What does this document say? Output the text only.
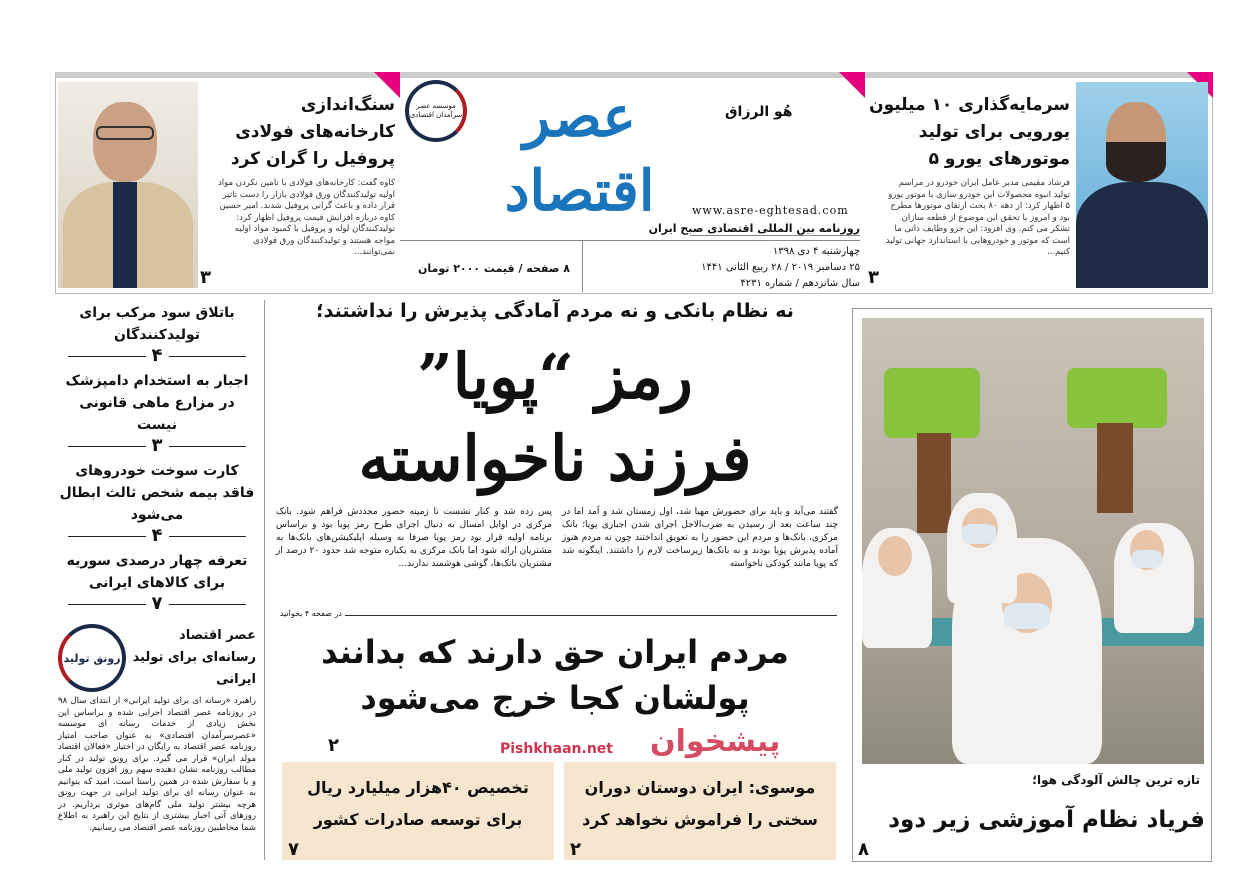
سنگ‌اندازی
کارخانه‌های فولادی
پروفیل را گران کرد
کاوه گفت: کارخانه‌های فولادی با تامین نکردن مواد اولیه تولیدکنندگان ورق فولادی بازار را دست تاثیر قرار داده و باعث گرانی پروفیل شدند. امیر حسین کاوه درباره افزایش قیمت پروفیل اظهار کرد: تولیدکنندگان لوله و پروفیل با کمبود مواد اولیه مواجه هستند و تولیدکنندگان ورق فولادی نمی‌توانند...
۳
موسسه عصر سرآمدان اقتصادی	عصر اقتصاد
هُو الرزاق
www.asre-eghtesad.com
روزنامه بین المللی اقتصادی صبح ایران
چهارشنبه ۴ دی ۱۳۹۸
۲۵ دسامبر ۲۰۱۹ / ۲۸ ربیع الثانی ۱۴۴۱
سال شانزدهم / شماره ۴۲۳۱
۸ صفحه / قیمت ۲۰۰۰ تومان
سرمایه‌گذاری ۱۰ میلیون
یورویی برای تولید
موتورهای یورو ۵
فرشاد مقیمی مدیر عامل ایران خودرو در مراسم تولید انبوه محصولات این خودرو سازی با موتور یورو ۵ اظهار کرد: از دهه ۸۰ بحث ارتقای موتورها مطرح بود و امروز با تحقق این موضوع از قطعه سازان تشکر می کنم. وی افزود: این جزو وظایف ذاتی ما است که موتور و خودروهایی با استاندارد جهانی تولید کنیم...
۳
باتلاق سود مرکب برای تولیدکنندگان
۴
اجبار به استخدام دامپزشک در مزارع ماهی قانونی نیست
۳
کارت سوخت خودروهای فاقد بیمه شخص ثالث ابطال می‌شود
۴
تعرفه چهار درصدی سوریه برای کالاهای ایرانی
۷
رونق تولید
عصر اقتصاد رسانه‌ای برای تولید ایرانی
راهبرد «رسانه ای برای تولید ایرانی» از ابتدای سال ۹۸ در روزنامه عصر اقتصاد اجرایی شده و براساس این بخش زیادی از خدمات رسانه ای موسسه «عصرسرآمدان اقتصادی» به عنوان صاحب امتیاز روزنامه عصر اقتصاد به رایگان در اختیار «فعالان اقتصاد مولد ایران» قرار می گیرد. برای رونق تولید در کنار مطالب روزنامه نشان دهنده سهم روز افزون تولید ملی و با سفارش شده در همین راستا است. امید که بتوانیم به عنوان رسانه ای برای تولید ایرانی در جهت رونق هرچه بیشتر تولید ملی گام‌های موثری برداریم. در روزهای آتی اخبار بیشتری از نتایج این راهبرد به اطلاع شما مخاطبین روزنامه عصر اقتصاد می رسانیم.
نه نظام بانکی و نه مردم آمادگی پذیرش را نداشتند؛
رمز “پویا”
فرزند ناخواسته
گفتند می‌آید و باید برای حضورش مهیا شد، اول زمستان شد و آمد اما در چند ساعت بعد از رسیدن به ضرب‌الاجل اجرای شدن اجباری پویا؛ بانک مرکزی، بانک‌ها و مردم این حضور را به تعویق انداختند چون نه مردم هنوز آماده پذیرش پویا بودند و نه بانک‌ها زیرساخت لازم را داشتند. اینگونه شد که پویا مانند کودکی ناخواسته
پس زده شد و کنار نشست تا زمینه حضور مجددش فراهم شود. بانک مرکزی در اوایل امسال به دنبال اجرای طرح رمز پویا بود و براساس برنامه اولیه قرار بود رمز پویا صرفا به وسیله اپلیکیشن‌های بانک‌ها به مشتریان ارائه شود اما بانک مرکزی به یکباره متوجه شد حدود ۲۰ درصد از مشتریان بانک‌ها، گوشی هوشمند ندارند...
در صفحه ۴ بخوانید
مردم ایران حق دارند که بدانند
پولشان کجا خرج می‌شود
۲	پیشخوان
Pishkhaan.net
موسوی: ایران دوستان دوران
سختی را فراموش نخواهد کرد
۲
تخصیص ۴۰هزار میلیارد ریال
برای توسعه صادرات کشور
۷
تازه ترین چالش آلودگی هوا؛
فریاد نظام آموزشی زیر دود
۸
